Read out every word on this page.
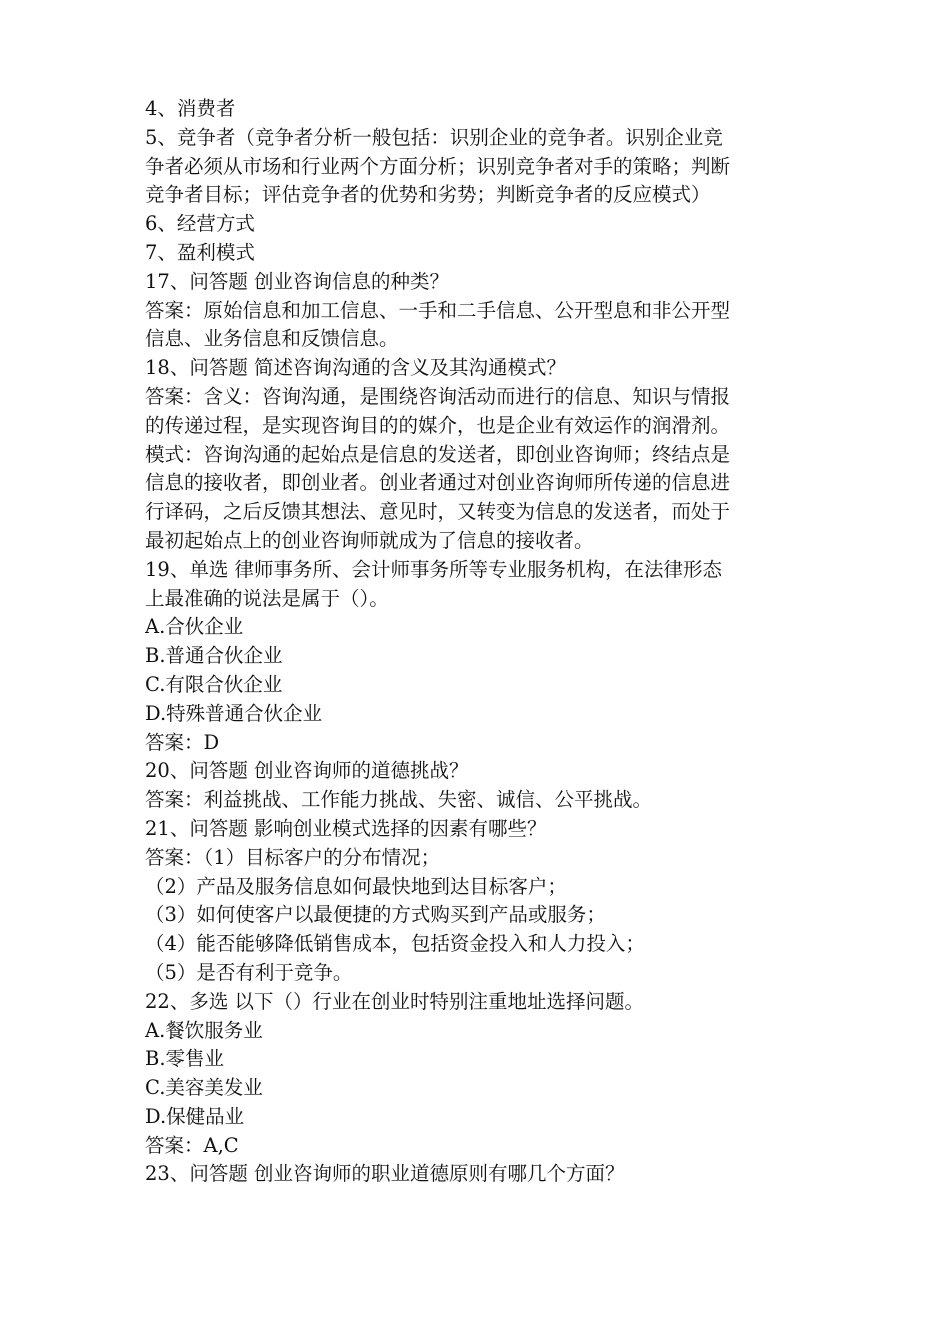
4、消费者
5、竞争者（竞争者分析一般包括：识别企业的竞争者。识别企业竞
争者必须从市场和行业两个方面分析；识别竞争者对手的策略；判断
竞争者目标；评估竞争者的优势和劣势；判断竞争者的反应模式）
6、经营方式
7、盈利模式
17、问答题 创业咨询信息的种类？
答案：原始信息和加工信息、一手和二手信息、公开型息和非公开型
信息、业务信息和反馈信息。
18、问答题 简述咨询沟通的含义及其沟通模式？
答案：含义：咨询沟通，是围绕咨询活动而进行的信息、知识与情报
的传递过程，是实现咨询目的的媒介，也是企业有效运作的润滑剂。
模式：咨询沟通的起始点是信息的发送者，即创业咨询师；终结点是
信息的接收者，即创业者。创业者通过对创业咨询师所传递的信息进
行译码，之后反馈其想法、意见时，又转变为信息的发送者，而处于
最初起始点上的创业咨询师就成为了信息的接收者。
19、单选 律师事务所、会计师事务所等专业服务机构，在法律形态
上最准确的说法是属于（）。
A.合伙企业
B.普通合伙企业
C.有限合伙企业
D.特殊普通合伙企业
答案：D
20、问答题 创业咨询师的道德挑战？
答案：利益挑战、工作能力挑战、失密、诚信、公平挑战。
21、问答题 影响创业模式选择的因素有哪些？
答案：（1）目标客户的分布情况；
（2）产品及服务信息如何最快地到达目标客户；
（3）如何使客户以最便捷的方式购买到产品或服务；
（4）能否能够降低销售成本，包括资金投入和人力投入；
（5）是否有利于竞争。
22、多选 以下（）行业在创业时特别注重地址选择问题。
A.餐饮服务业
B.零售业
C.美容美发业
D.保健品业
答案：A,C
23、问答题 创业咨询师的职业道德原则有哪几个方面？
